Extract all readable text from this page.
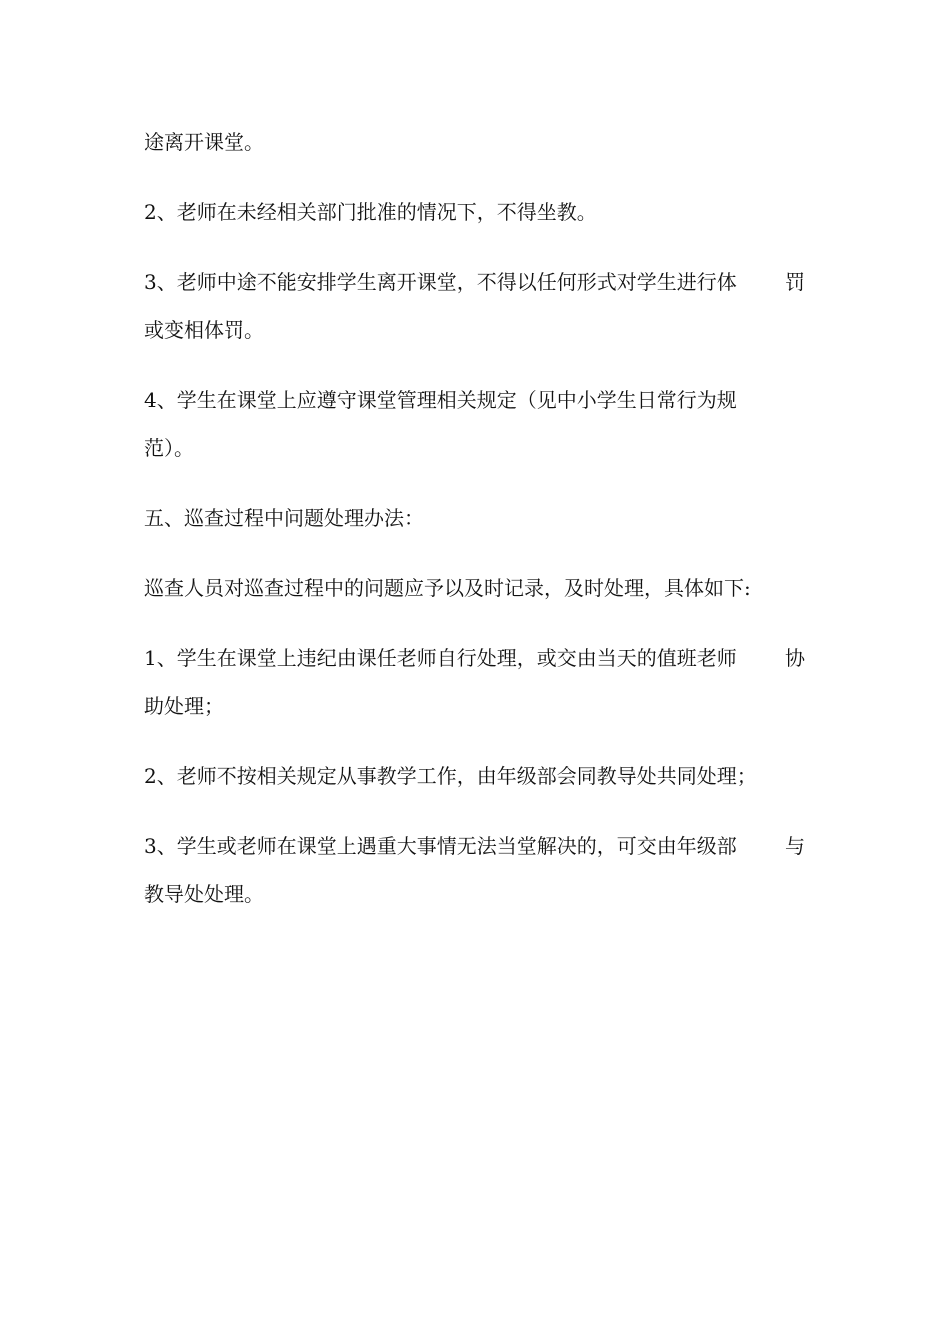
途离开课堂。
2、老师在未经相关部门批准的情况下，不得坐教。
3、老师中途不能安排学生离开课堂，不得以任何形式对学生进行体 罚
或变相体罚。
4、学生在课堂上应遵守课堂管理相关规定（见中小学生日常行为规
范）。
五、巡查过程中问题处理办法：
巡查人员对巡查过程中的问题应予以及时记录，及时处理，具体如下:
1、学生在课堂上违纪由课任老师自行处理，或交由当天的值班老师 协
助处理；
2、老师不按相关规定从事教学工作，由年级部会同教导处共同处理；
3、学生或老师在课堂上遇重大事情无法当堂解决的，可交由年级部 与
教导处处理。
